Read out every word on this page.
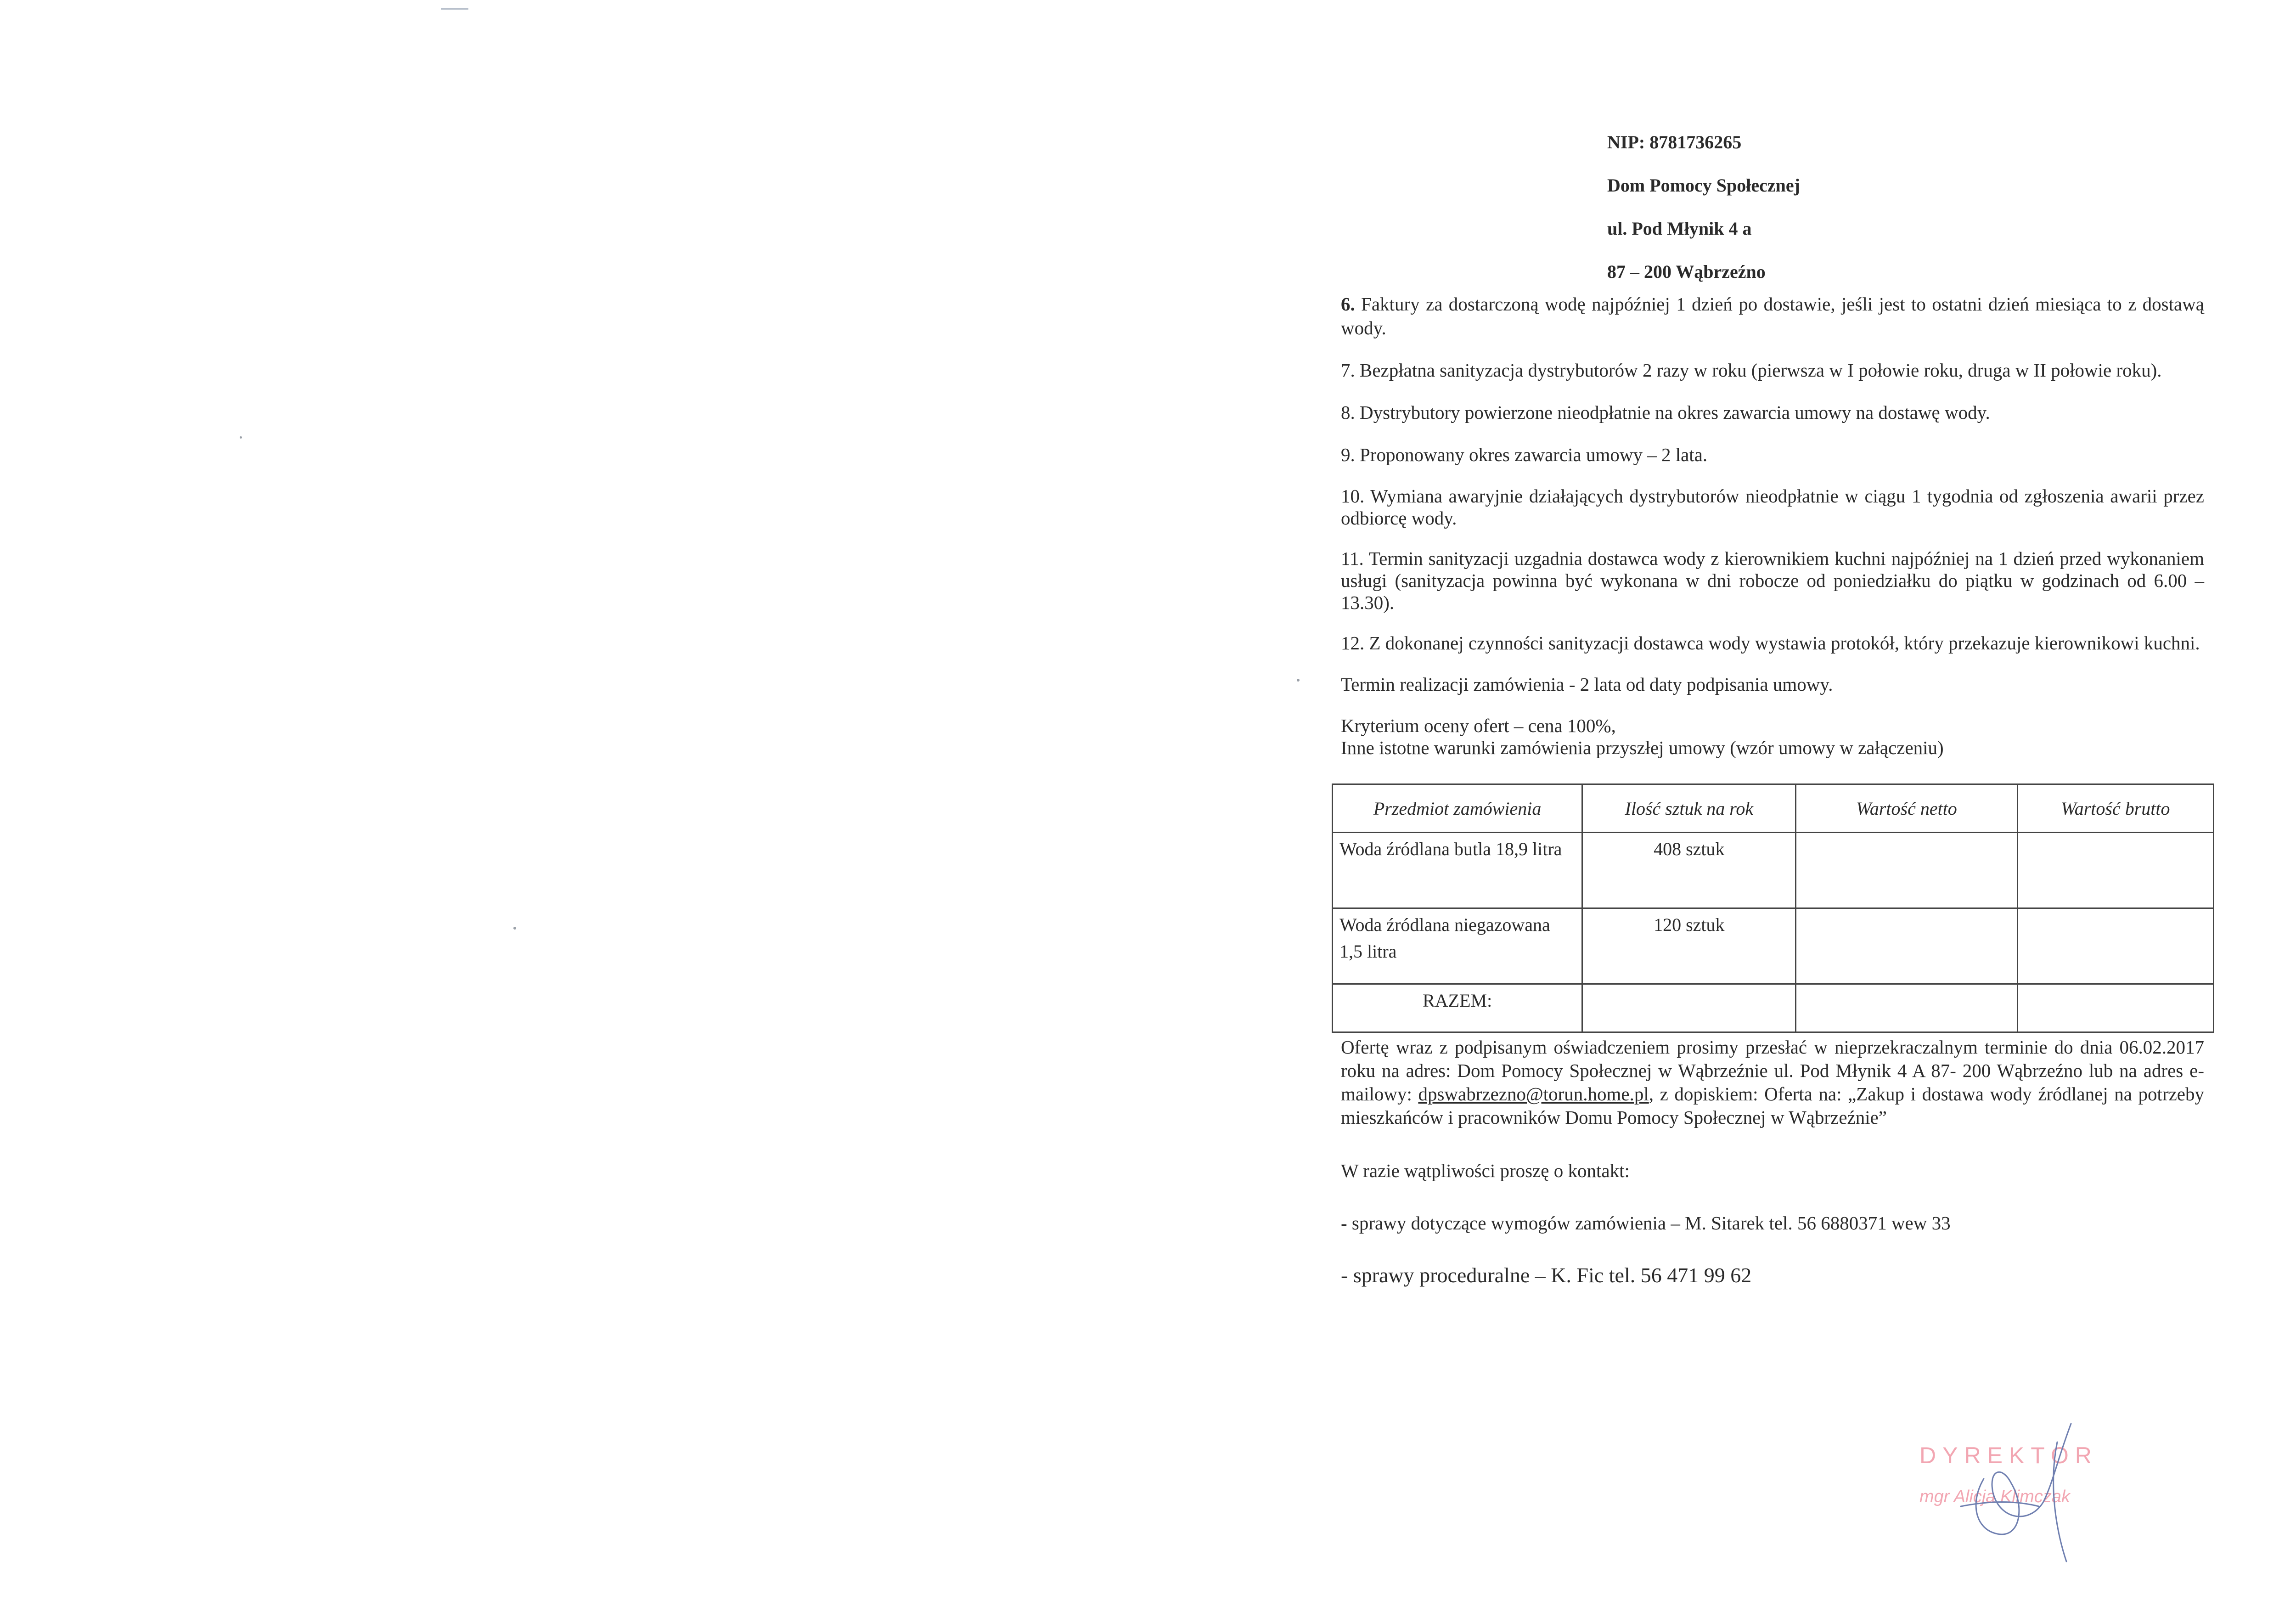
NIP: 8781736265
Dom Pomocy Społecznej
ul. Pod Młynik 4 a
87 – 200 Wąbrzeźno

6. Faktury za dostarczoną wodę najpóźniej 1 dzień po dostawie, jeśli jest to ostatni dzień miesiąca to z dostawą wody.

7. Bezpłatna sanityzacja dystrybutorów 2 razy w roku (pierwsza w I połowie roku, druga w II połowie roku).

8. Dystrybutory powierzone nieodpłatnie na okres zawarcia umowy na dostawę wody.

9. Proponowany okres zawarcia umowy – 2 lata.

10. Wymiana awaryjnie działających dystrybutorów nieodpłatnie w ciągu 1 tygodnia od zgłoszenia awarii przez odbiorcę wody.

11. Termin sanityzacji uzgadnia dostawca wody z kierownikiem kuchni najpóźniej na 1 dzień przed wykonaniem usługi (sanityzacja powinna być wykonana w dni robocze od poniedziałku do piątku w godzinach od 6.00 – 13.30).

12. Z dokonanej czynności sanityzacji dostawca wody wystawia protokół, który przekazuje kierownikowi kuchni.

Termin realizacji zamówienia - 2 lata od daty podpisania umowy.

Kryterium oceny ofert – cena 100%,
Inne istotne warunki zamówienia przyszłej umowy (wzór umowy w załączeniu)

Przedmiot zamówienia	Ilość sztuk na rok	Wartość netto	Wartość brutto
Woda źródlana butla 18,9 litra	408 sztuk		
Woda źródlana niegazowana 1,5 litra	120 sztuk		
RAZEM:			
Ofertę wraz z podpisanym oświadczeniem prosimy przesłać w nieprzekraczalnym terminie do dnia 06.02.2017 roku na adres: Dom Pomocy Społecznej w Wąbrzeźnie ul. Pod Młynik 4 A 87- 200 Wąbrzeźno lub na adres e-mailowy: dpswabrzezno@torun.home.pl, z dopiskiem: Oferta na: „Zakup i dostawa wody źródlanej na potrzeby mieszkańców i pracowników Domu Pomocy Społecznej w Wąbrzeźnie”
W razie wątpliwości proszę o kontakt:
- sprawy dotyczące wymogów zamówienia – M. Sitarek tel. 56 6880371 wew 33
- sprawy proceduralne – K. Fic tel. 56 471 99 62
DYREKTOR
mgr Alicja Klimczak
